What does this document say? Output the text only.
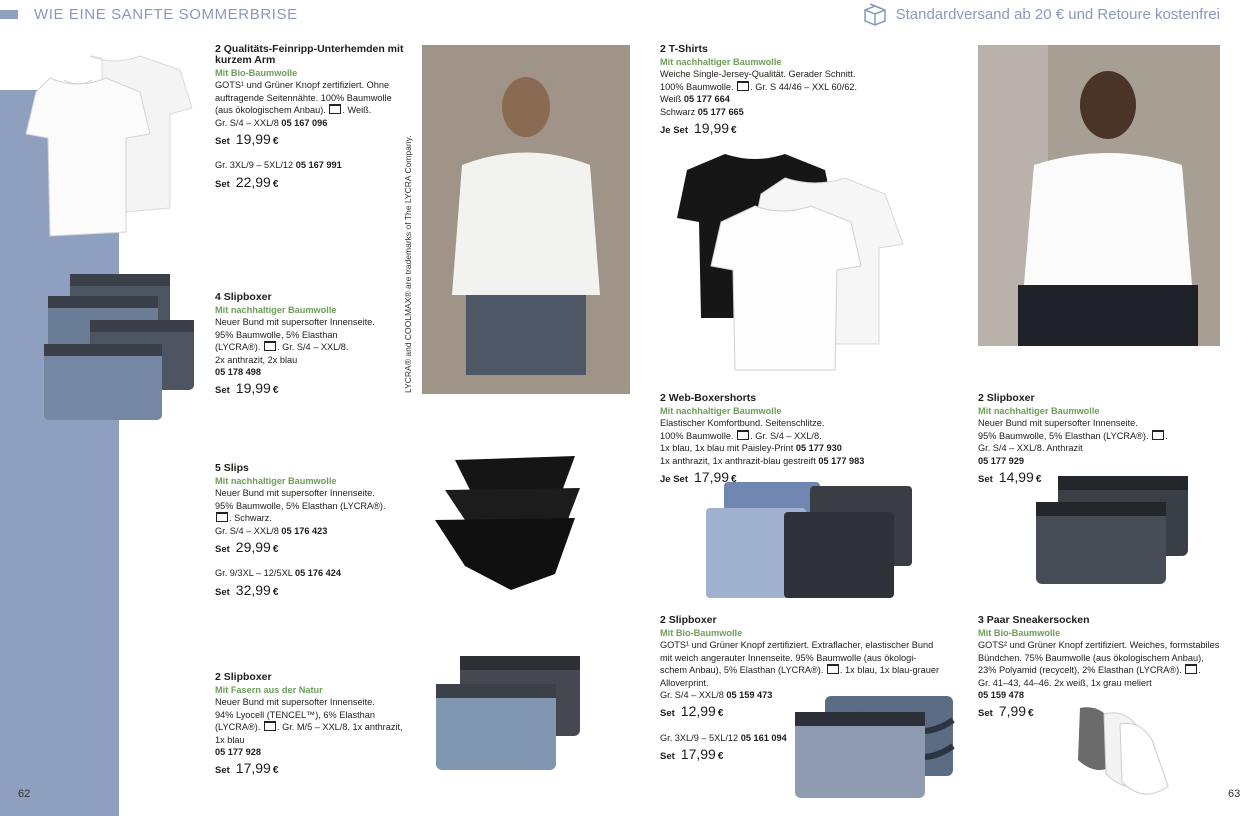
WIE EINE SANFTE SOMMERBRISE	Standardversand ab 20 € und Retoure kostenfrei
62	63
LYCRA® and COOLMAX® are trademarks of The LYCRA Company.
2 Qualitäts-Feinripp-Unterhemden mit kurzem Arm
Mit Bio-Baumwolle
GOTS¹ und Grüner Knopf zertifiziert. Ohne
auftragende Seitennähte. 100% Baumwolle
(aus ökologischem Anbau). . Weiß.
Gr. S/4 – XXL/8 05 167 096
Set 19,99 €
Gr. 3XL/9 – 5XL/12 05 167 991
Set 22,99 €
4 Slipboxer
Mit nachhaltiger Baumwolle
Neuer Bund mit supersofter Innenseite.
95% Baumwolle, 5% Elasthan
(LYCRA®). . Gr. S/4 – XXL/8.
2x anthrazit, 2x blau
05 178 498
Set 19,99 €
5 Slips
Mit nachhaltiger Baumwolle
Neuer Bund mit supersofter Innenseite.
95% Baumwolle, 5% Elasthan (LYCRA®).
. Schwarz.
Gr. S/4 – XXL/8 05 176 423
Set 29,99 €
Gr. 9/3XL – 12/5XL 05 176 424
Set 32,99 €
2 Slipboxer
Mit Fasern aus der Natur
Neuer Bund mit supersofter Innenseite.
94% Lyocell (TENCEL™), 6% Elasthan
(LYCRA®). . Gr. M/5 – XXL/8. 1x anthrazit,
1x blau
05 177 928
Set 17,99 €
2 T-Shirts
Mit nachhaltiger Baumwolle
Weiche Single-Jersey-Qualität. Gerader Schnitt.
100% Baumwolle. . Gr. S 44/46 – XXL 60/62.
Weiß 05 177 664
Schwarz 05 177 665
Je Set 19,99 €
2 Web-Boxershorts
Mit nachhaltiger Baumwolle
Elastischer Komfortbund. Seitenschlitze.
100% Baumwolle. . Gr. S/4 – XXL/8.
1x blau, 1x blau mit Paisley-Print 05 177 930
1x anthrazit, 1x anthrazit-blau gestreift 05 177 983
Je Set 17,99 €
2 Slipboxer
Mit nachhaltiger Baumwolle
Neuer Bund mit supersofter Innenseite.
95% Baumwolle, 5% Elasthan (LYCRA®). .
Gr. S/4 – XXL/8. Anthrazit
05 177 929
Set 14,99 €
2 Slipboxer
Mit Bio-Baumwolle
GOTS¹ und Grüner Knopf zertifiziert. Extraflacher, elastischer Bund
mit weich angerauter Innenseite. 95% Baumwolle (aus ökologi-
schem Anbau), 5% Elasthan (LYCRA®). . 1x blau, 1x blau-grauer
Alloverprint.
Gr. S/4 – XXL/8 05 159 473
Set 12,99 €
Gr. 3XL/9 – 5XL/12 05 161 094
Set 17,99 €
3 Paar Sneakersocken
Mit Bio-Baumwolle
GOTS² und Grüner Knopf zertifiziert. Weiches, formstabiles
Bündchen. 75% Baumwolle (aus ökologischem Anbau),
23% Polyamid (recycelt), 2% Elasthan (LYCRA®). .
Gr. 41–43, 44–46. 2x weiß, 1x grau meliert
05 159 478
Set 7,99 €
